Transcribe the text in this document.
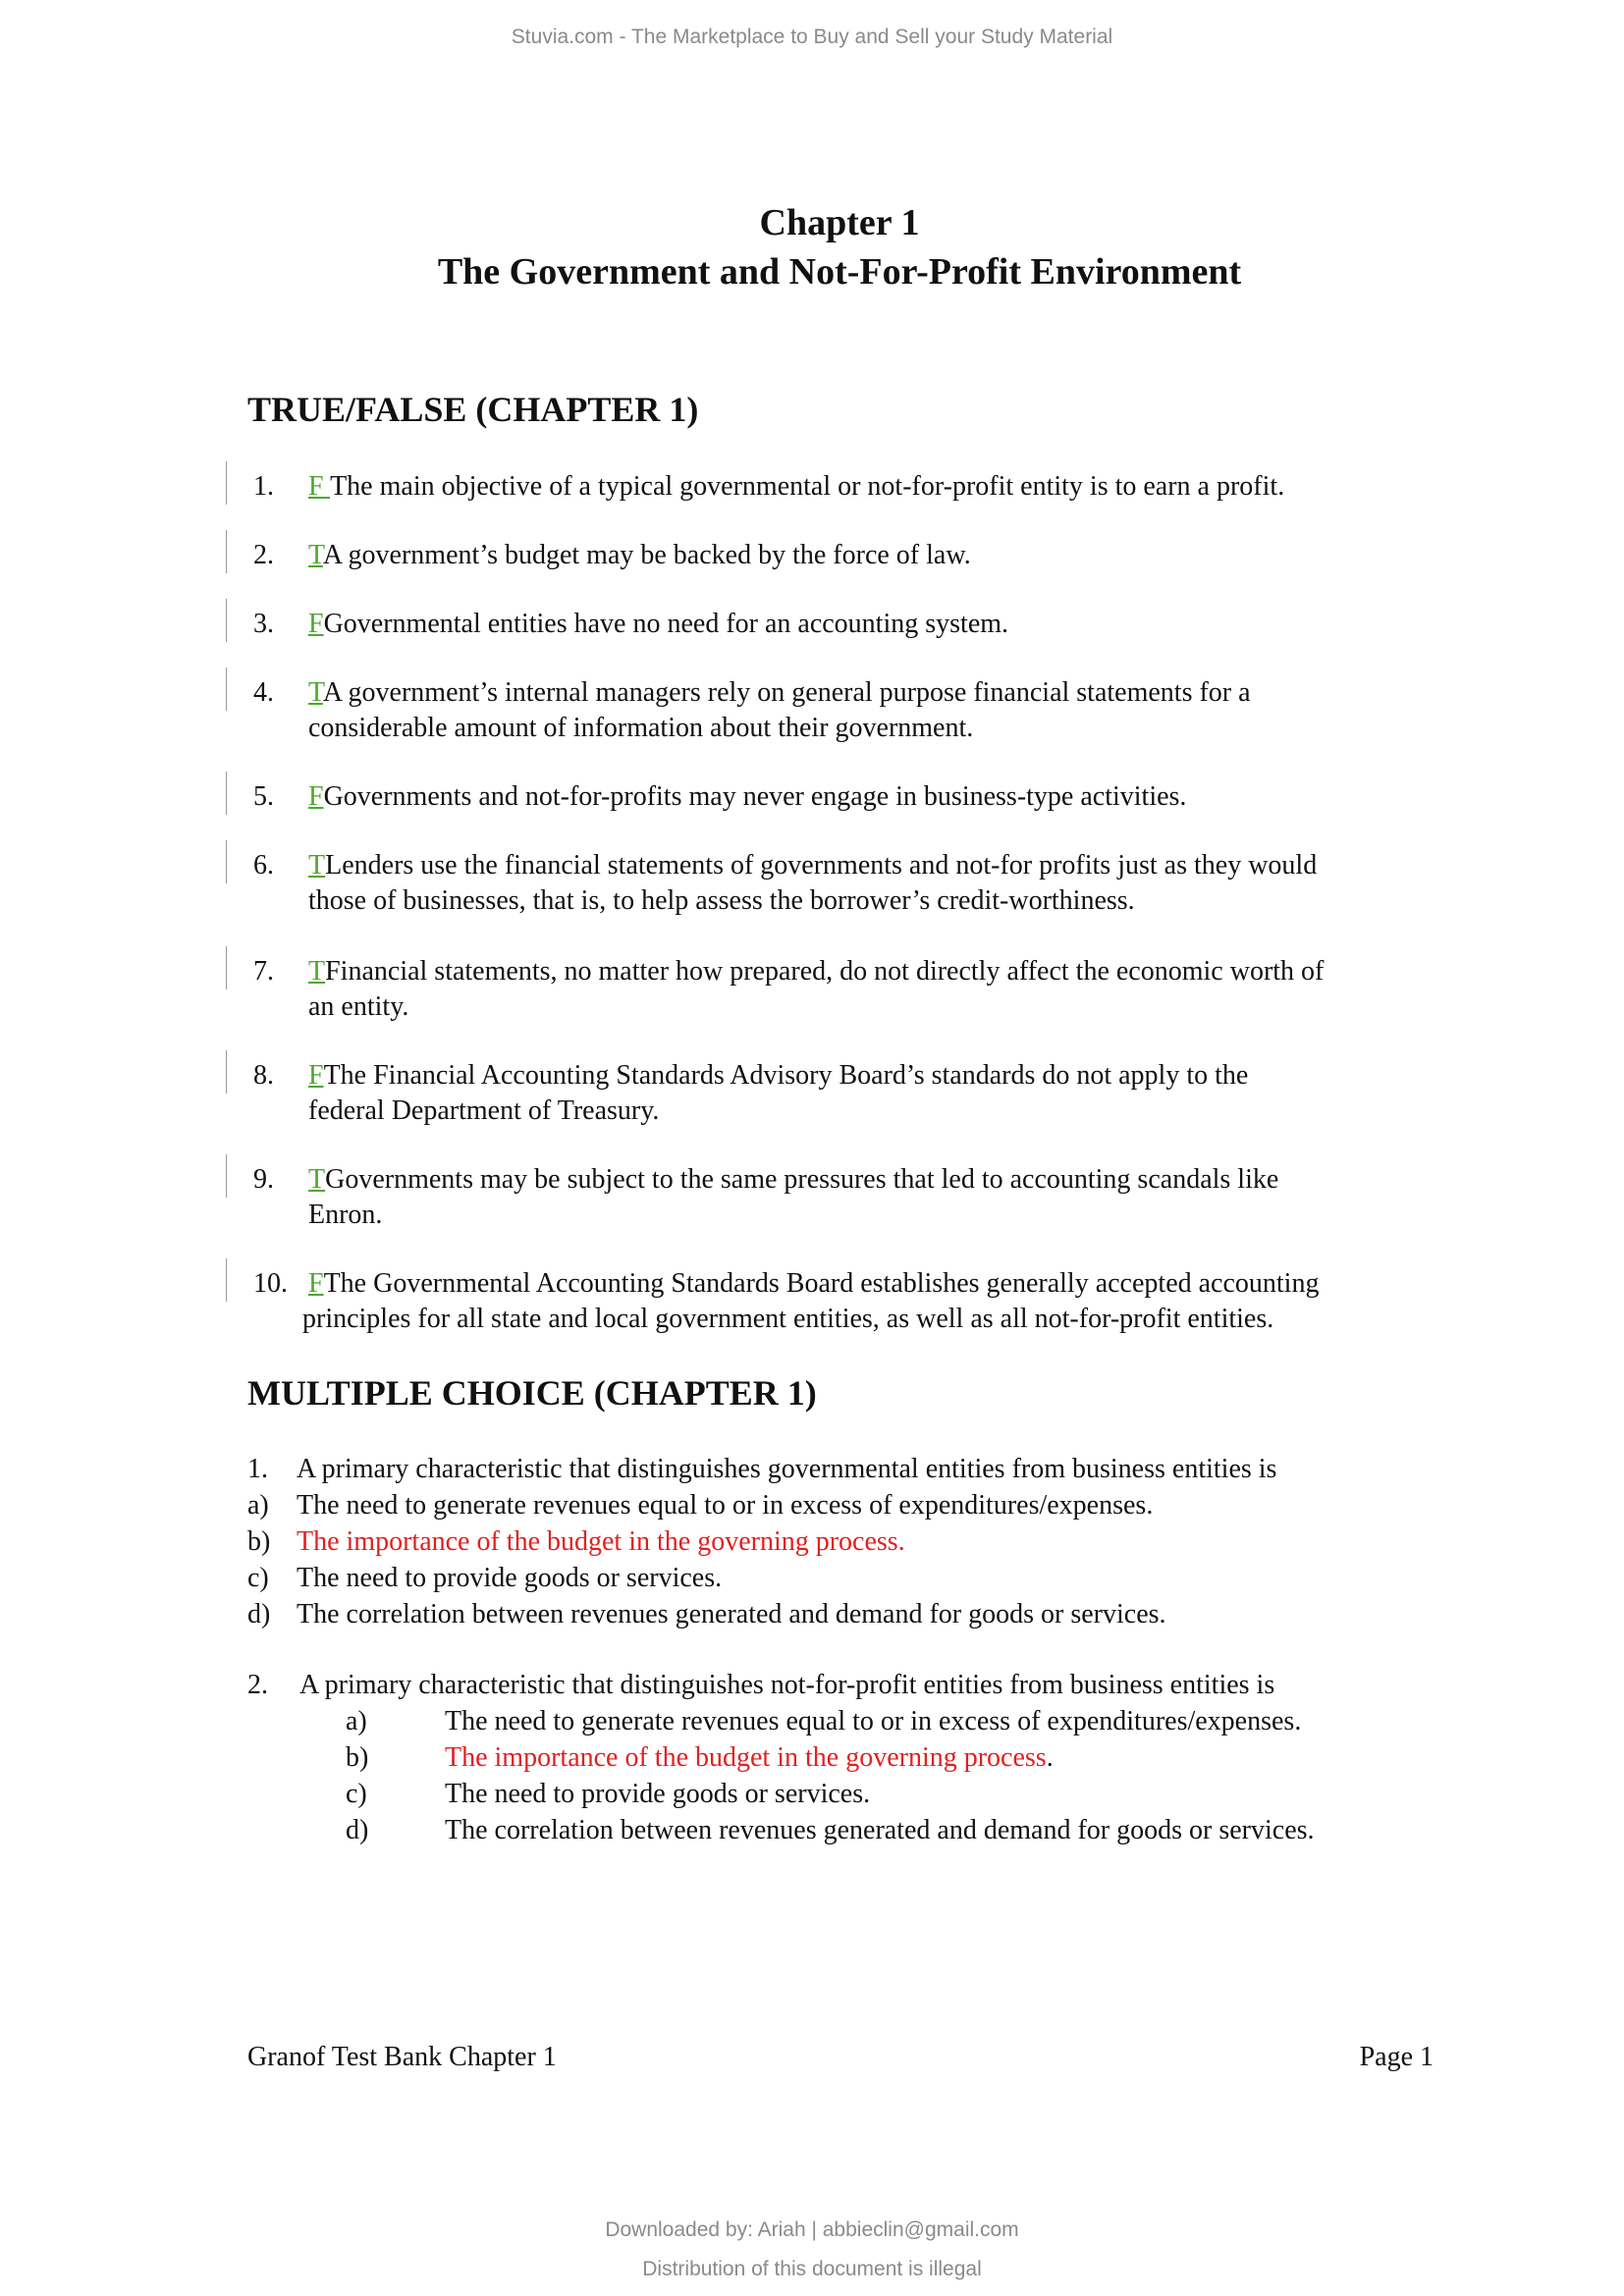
Stuvia.com - The Marketplace to Buy and Sell your Study Material
Chapter 1
The Government and Not-For-Profit Environment
TRUE/FALSE (CHAPTER 1)
1. F The main objective of a typical governmental or not-for-profit entity is to earn a profit.
2. TA government’s budget may be backed by the force of law.
3. FGovernmental entities have no need for an accounting system.
4. TA government’s internal managers rely on general purpose financial statements for a
considerable amount of information about their government.
5. FGovernments and not-for-profits may never engage in business-type activities.
6. TLenders use the financial statements of governments and not-for profits just as they would
those of businesses, that is, to help assess the borrower’s credit-worthiness.
7. TFinancial statements, no matter how prepared, do not directly affect the economic worth of
an entity.
8. FThe Financial Accounting Standards Advisory Board’s standards do not apply to the
federal Department of Treasury.
9. TGovernments may be subject to the same pressures that led to accounting scandals like
Enron.
10. FThe Governmental Accounting Standards Board establishes generally accepted accounting
principles for all state and local government entities, as well as all not-for-profit entities.
MULTIPLE CHOICE (CHAPTER 1)
1. A primary characteristic that distinguishes governmental entities from business entities is
a) The need to generate revenues equal to or in excess of expenditures/expenses.
b) The importance of the budget in the governing process.
c) The need to provide goods or services.
d) The correlation between revenues generated and demand for goods or services.
2. A primary characteristic that distinguishes not-for-profit entities from business entities is
a)	The need to generate revenues equal to or in excess of expenditures/expenses.
b)	The importance of the budget in the governing process.
c)	The need to provide goods or services.
d)	The correlation between revenues generated and demand for goods or services.
Granof Test Bank Chapter 1	Page 1
Downloaded by: Ariah | abbieclin@gmail.com
Distribution of this document is illegal
